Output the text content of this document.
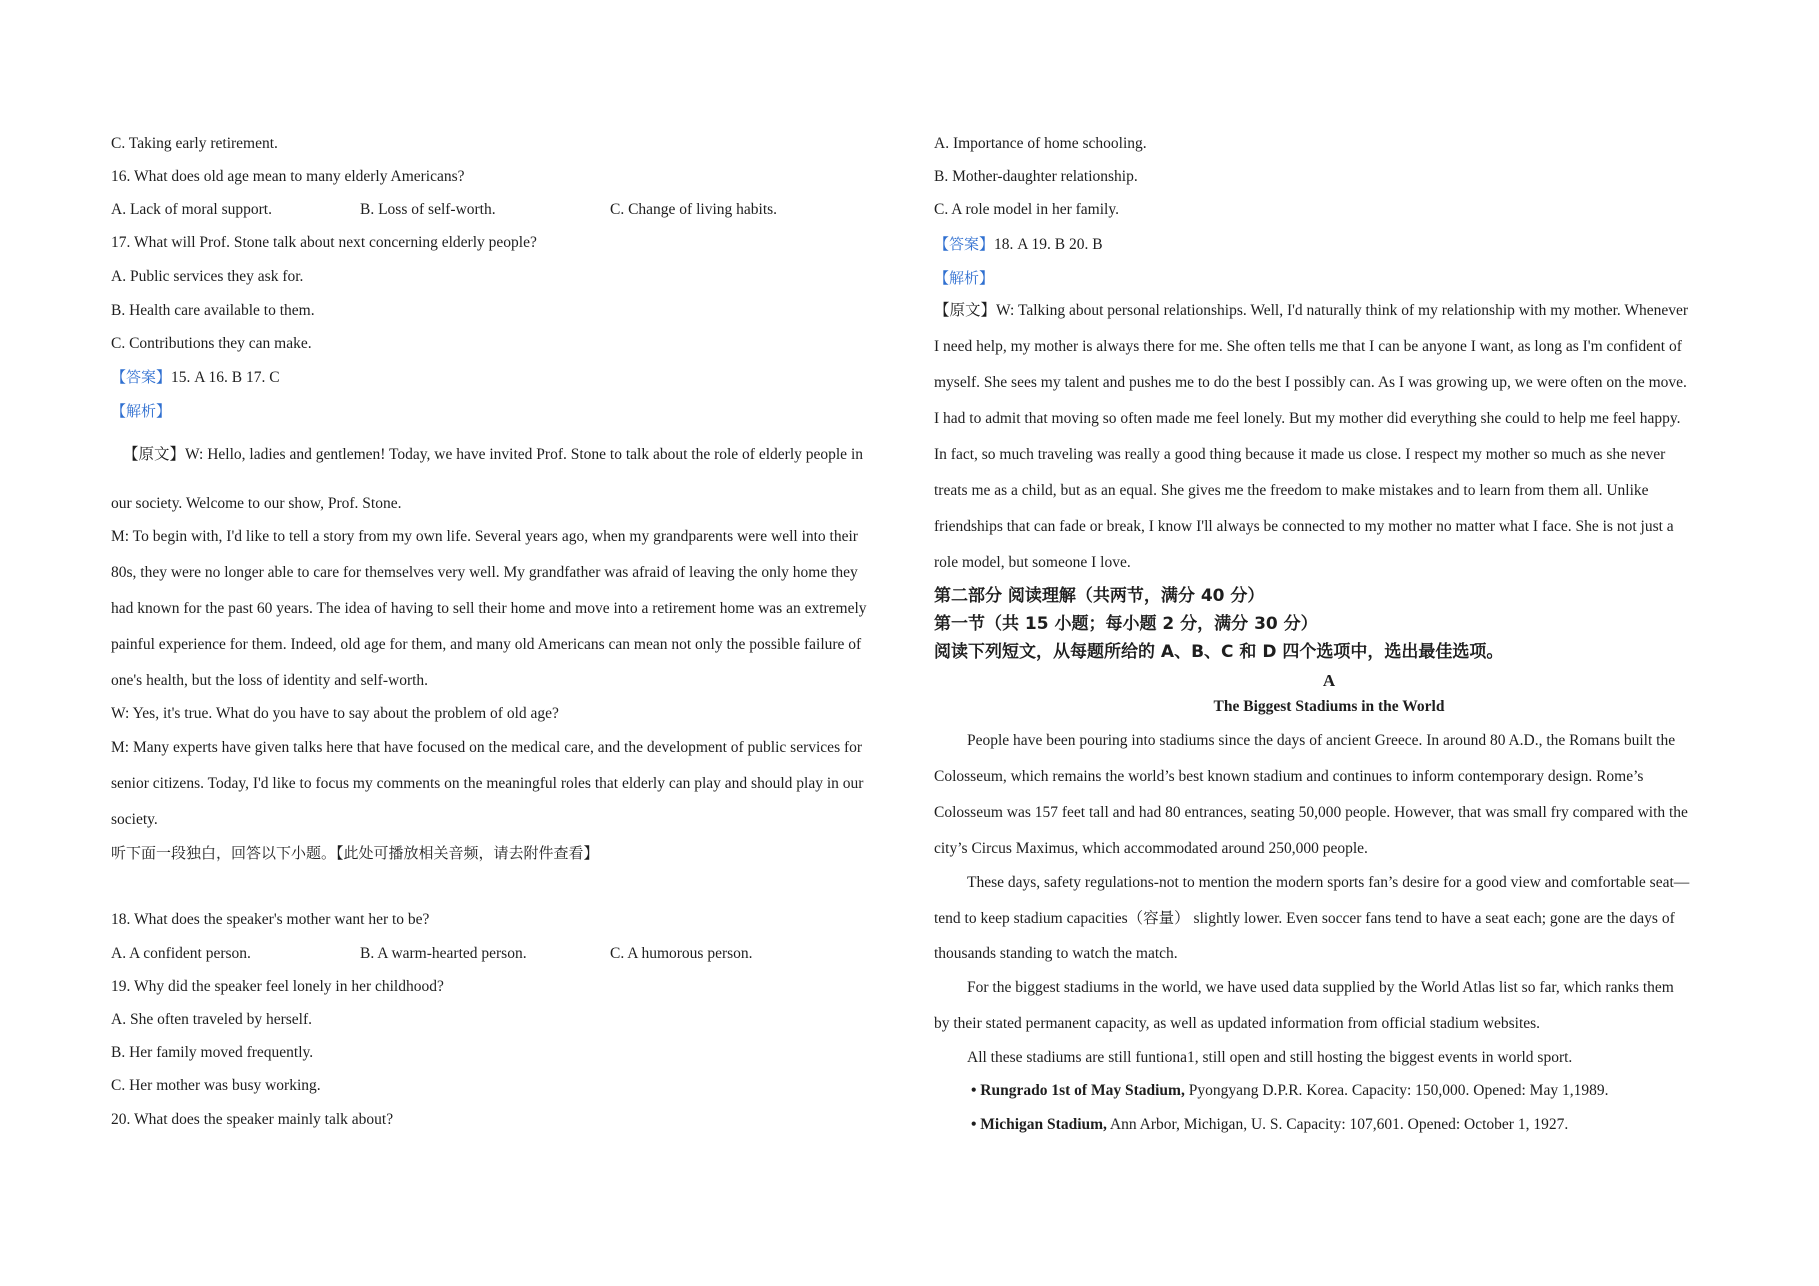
C. Taking early retirement.
16. What does old age mean to many elderly Americans?
A. Lack of moral support.	B. Loss of self-worth.	C. Change of living habits.
17. What will Prof. Stone talk about next concerning elderly people?
A. Public services they ask for.
B. Health care available to them.
C. Contributions they can make.
【答案】15. A 16. B 17. C
【解析】
【原文】W: Hello, ladies and gentlemen! Today, we have invited Prof. Stone to talk about the role of elderly people in
our society. Welcome to our show, Prof. Stone.
M: To begin with, I'd like to tell a story from my own life. Several years ago, when my grandparents were well into their
80s, they were no longer able to care for themselves very well. My grandfather was afraid of leaving the only home they
had known for the past 60 years. The idea of having to sell their home and move into a retirement home was an extremely
painful experience for them. Indeed, old age for them, and many old Americans can mean not only the possible failure of
one's health, but the loss of identity and self-worth.
W: Yes, it's true. What do you have to say about the problem of old age?
M: Many experts have given talks here that have focused on the medical care, and the development of public services for
senior citizens. Today, I'd like to focus my comments on the meaningful roles that elderly can play and should play in our
society.
听下面一段独白，回答以下小题。【此处可播放相关音频，请去附件查看】
18. What does the speaker's mother want her to be?
A. A confident person.	B. A warm-hearted person.	C. A humorous person.
19. Why did the speaker feel lonely in her childhood?
A. She often traveled by herself.
B. Her family moved frequently.
C. Her mother was busy working.
20. What does the speaker mainly talk about?
A. Importance of home schooling.
B. Mother-daughter relationship.
C. A role model in her family.
【答案】18. A 19. B 20. B
【解析】
【原文】W: Talking about personal relationships. Well, I'd naturally think of my relationship with my mother. Whenever
I need help, my mother is always there for me. She often tells me that I can be anyone I want, as long as I'm confident of
myself. She sees my talent and pushes me to do the best I possibly can. As I was growing up, we were often on the move.
I had to admit that moving so often made me feel lonely. But my mother did everything she could to help me feel happy.
In fact, so much traveling was really a good thing because it made us close. I respect my mother so much as she never
treats me as a child, but as an equal. She gives me the freedom to make mistakes and to learn from them all. Unlike
friendships that can fade or break, I know I'll always be connected to my mother no matter what I face. She is not just a
role model, but someone I love.
第二部分 阅读理解（共两节，满分 40 分）
第一节（共 15 小题；每小题 2 分，满分 30 分）
阅读下列短文，从每题所给的 A、B、C 和 D 四个选项中，选出最佳选项。
A
The Biggest Stadiums in the World
People have been pouring into stadiums since the days of ancient Greece. In around 80 A.D., the Romans built the
Colosseum, which remains the world’s best known stadium and continues to inform contemporary design. Rome’s
Colosseum was 157 feet tall and had 80 entrances, seating 50,000 people. However, that was small fry compared with the
city’s Circus Maximus, which accommodated around 250,000 people.
These days, safety regulations-not to mention the modern sports fan’s desire for a good view and comfortable seat—
tend to keep stadium capacities（容量） slightly lower. Even soccer fans tend to have a seat each; gone are the days of
thousands standing to watch the match.
For the biggest stadiums in the world, we have used data supplied by the World Atlas list so far, which ranks them
by their stated permanent capacity, as well as updated information from official stadium websites.
All these stadiums are still funtiona1, still open and still hosting the biggest events in world sport.
• Rungrado 1st of May Stadium, Pyongyang D.P.R. Korea. Capacity: 150,000. Opened: May 1,1989.
• Michigan Stadium, Ann Arbor, Michigan, U. S. Capacity: 107,601. Opened: October 1, 1927.
